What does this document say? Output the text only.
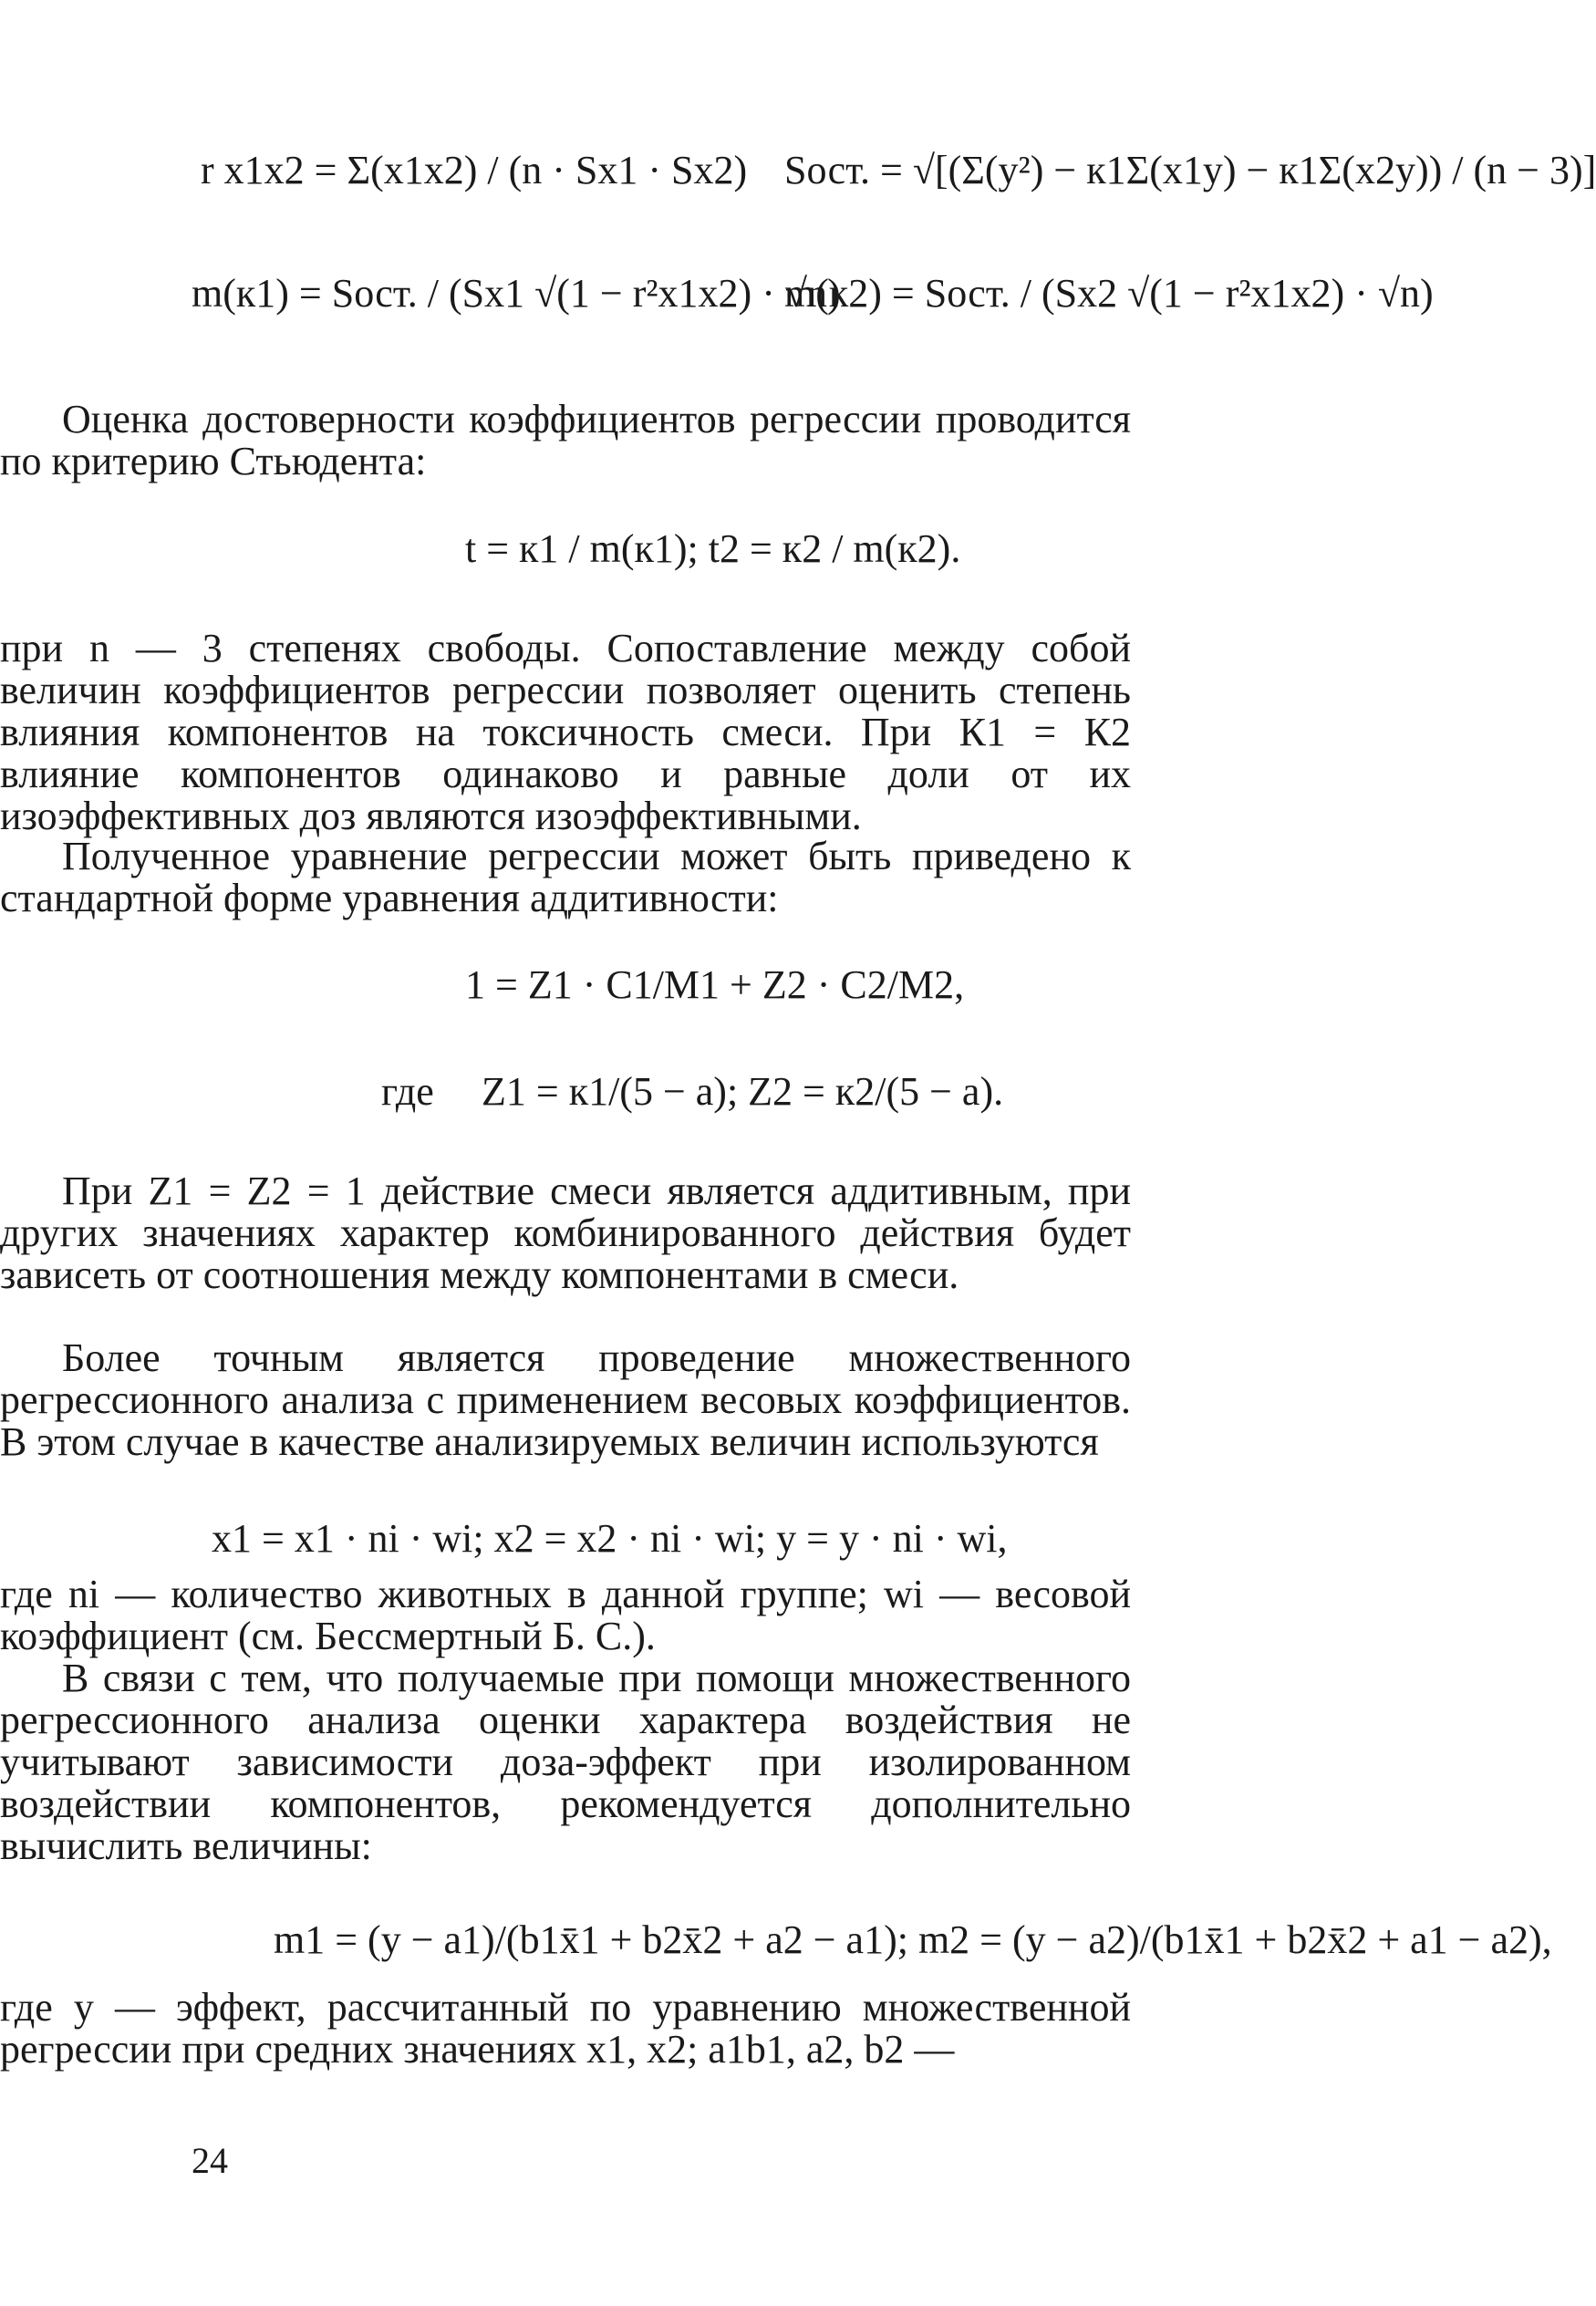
r x1x2 = Σ(x1x2) / (n · Sx1 · Sx2) Sост. = √[(Σ(y²) − к1Σ(x1y) − к1Σ(x2y)) / (n − 3)]
m(к1) = Sост. / (Sx1 √(1 − r²x1x2) · √n)
m(к2) = Sост. / (Sx2 √(1 − r²x1x2) · √n)
Оценка достоверности коэффициентов регрессии проводится по критерию Стьюдента:
t = к1 / m(к1); t2 = к2 / m(к2).
при n — 3 степенях свободы. Сопоставление между собой величин коэффициентов регрессии позволяет оценить степень влияния компонентов на токсичность смеси. При К1 = К2 влияние компонентов одинаково и равные доли от их изоэффективных доз являются изоэффективными.
Полученное уравнение регрессии может быть приведено к стандартной форме уравнения аддитивности:
1 = Z1 · C1/M1 + Z2 · C2/M2,
где Z1 = к1/(5 − a); Z2 = к2/(5 − a).
При Z1 = Z2 = 1 действие смеси является аддитивным, при других значениях характер комбинированного действия будет зависеть от соотношения между компонентами в смеси.
Более точным является проведение множественного регрессионного анализа с применением весовых коэффициентов. В этом случае в качестве анализируемых величин используются
x1 = x1 · ni · wi; x2 = x2 · ni · wi; y = y · ni · wi,
где ni — количество животных в данной группе; wi — весовой коэффициент (см. Бессмертный Б. С.).
В связи с тем, что получаемые при помощи множественного регрессионного анализа оценки характера воздействия не учитывают зависимости доза-эффект при изолированном воздействии компонентов, рекомендуется дополнительно вычислить величины:
m1 = (y − a1)/(b1x̄1 + b2x̄2 + a2 − a1); m2 = (y − a2)/(b1x̄1 + b2x̄2 + a1 − a2),
где y — эффект, рассчитанный по уравнению множественной регрессии при средних значениях x1, x2; a1b1, a2, b2 —
24
